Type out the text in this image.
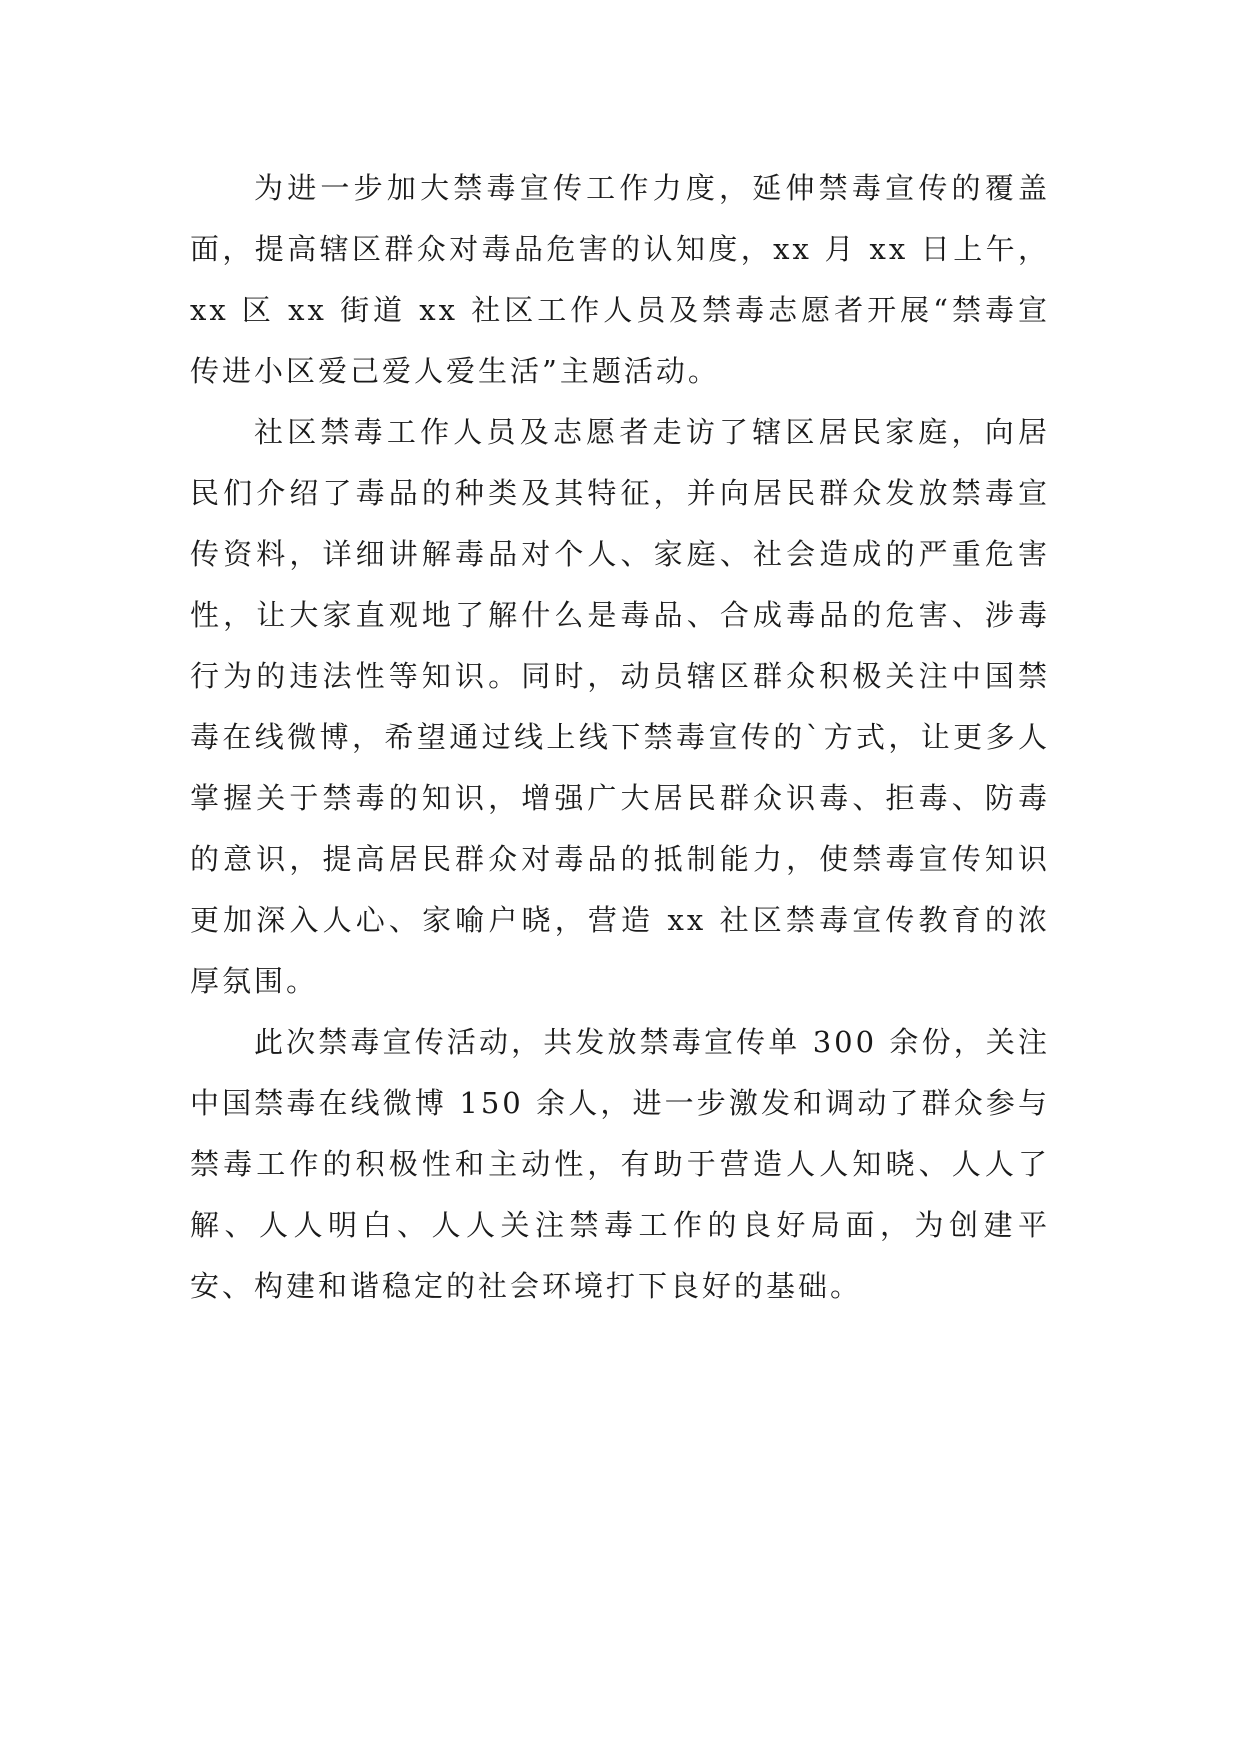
为进一步加大禁毒宣传工作力度，延伸禁毒宣传的覆盖面，提高辖区群众对毒品危害的认知度，xx 月 xx 日上午，xx 区 xx 街道 xx 社区工作人员及禁毒志愿者开展“禁毒宣传进小区爱己爱人爱生活”主题活动。

社区禁毒工作人员及志愿者走访了辖区居民家庭，向居民们介绍了毒品的种类及其特征，并向居民群众发放禁毒宣传资料，详细讲解毒品对个人、家庭、社会造成的严重危害性，让大家直观地了解什么是毒品、合成毒品的危害、涉毒行为的违法性等知识。同时，动员辖区群众积极关注中国禁毒在线微博，希望通过线上线下禁毒宣传的`方式，让更多人掌握关于禁毒的知识，增强广大居民群众识毒、拒毒、防毒的意识，提高居民群众对毒品的抵制能力，使禁毒宣传知识更加深入人心、家喻户晓，营造 xx 社区禁毒宣传教育的浓厚氛围。

此次禁毒宣传活动，共发放禁毒宣传单 300 余份，关注中国禁毒在线微博 150 余人，进一步激发和调动了群众参与禁毒工作的积极性和主动性，有助于营造人人知晓、人人了解、人人明白、人人关注禁毒工作的良好局面，为创建平安、构建和谐稳定的社会环境打下良好的基础。
